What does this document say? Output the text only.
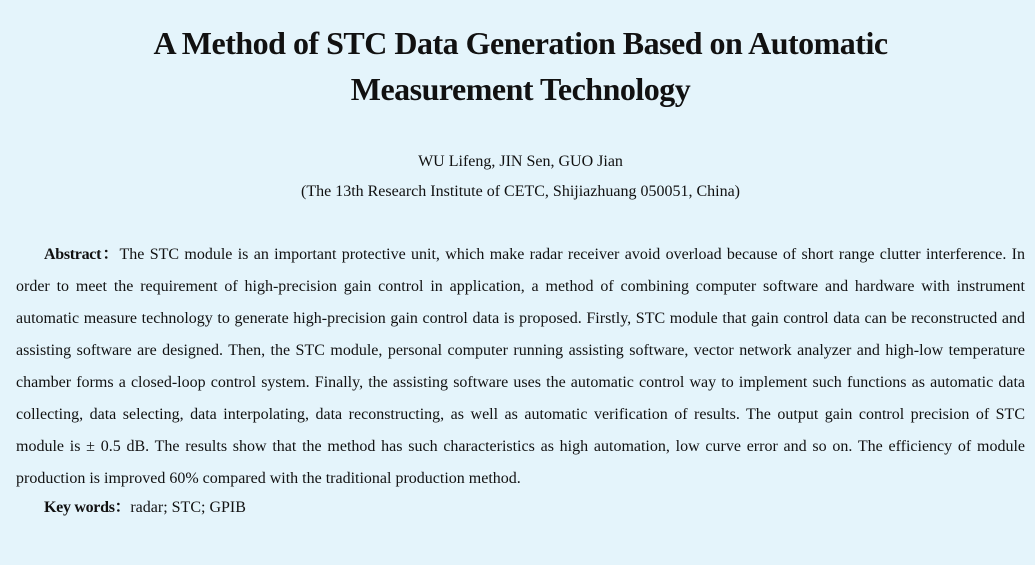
A Method of STC Data Generation Based on Automatic
Measurement Technology
WU Lifeng, JIN Sen, GUO Jian
(The 13th Research Institute of CETC, Shijiazhuang 050051, China)

Abstract：The STC module is an important protective unit, which make radar receiver avoid overload because of short range clutter interference. In order to meet the requirement of high-precision gain control in application, a method of combining computer software and hardware with instrument automatic measure technology to generate high-precision gain control data is proposed. Firstly, STC module that gain control data can be reconstructed and assisting software are designed. Then, the STC module, personal computer running assisting software, vector network analyzer and high-low temperature chamber forms a closed-loop control system. Finally, the assisting software uses the automatic control way to implement such functions as automatic data collecting, data selecting, data interpolating, data reconstructing, as well as automatic verification of results. The output gain control precision of STC module is ± 0.5 dB. The results show that the method has such characteristics as high automation, low curve error and so on. The efficiency of module production is improved 60% compared with the traditional production method.

Key words：radar; STC; GPIB
